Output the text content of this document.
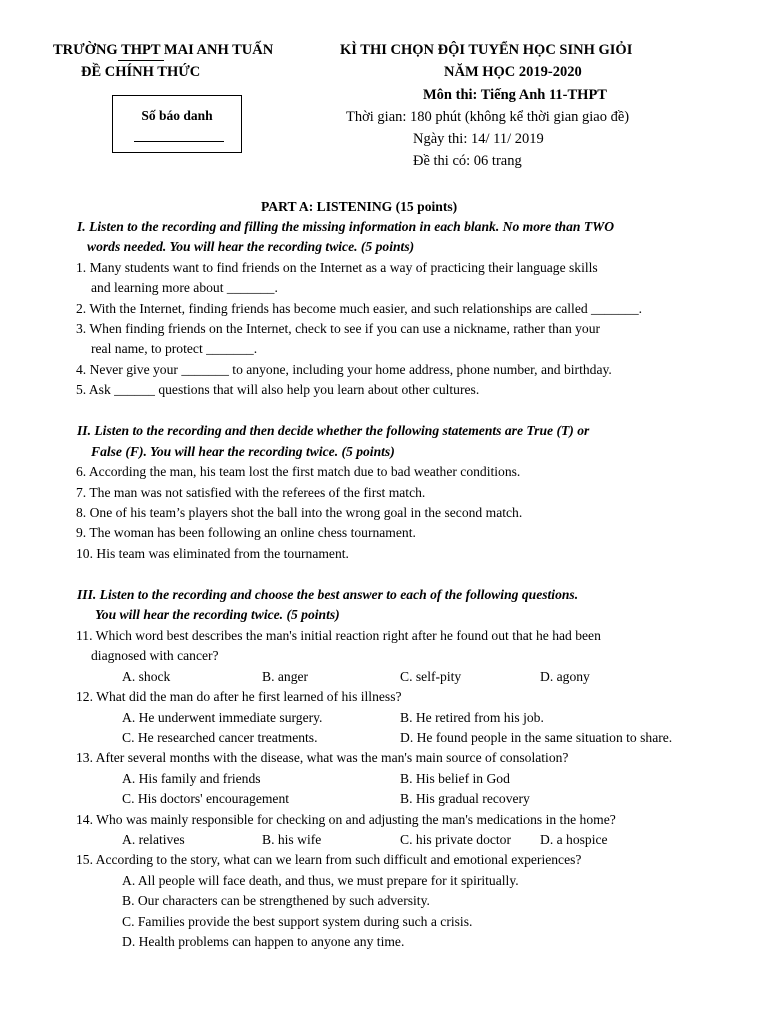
TRƯỜNG THPT MAI ANH TUẤN
ĐỀ CHÍNH THỨC
KÌ THI CHỌN ĐỘI TUYỂN HỌC SINH GIỎI
NĂM HỌC 2019-2020
Môn thi: Tiếng Anh 11-THPT
Thời gian: 180 phút (không kể thời gian giao đề)
Ngày thi: 14/ 11/ 2019
Đề thi có: 06 trang
Số báo danh
PART A: LISTENING (15 points)
I. Listen to the recording and filling the missing information in each blank. No more than TWO
words needed. You will hear the recording twice. (5 points)
1. Many students want to find friends on the Internet as a way of practicing their language skills
and learning more about _______.
2. With the Internet, finding friends has become much easier, and such relationships are called _______.
3. When finding friends on the Internet, check to see if you can use a nickname, rather than your
real name, to protect _______.
4. Never give your _______ to anyone, including your home address, phone number, and birthday.
5. Ask ______ questions that will also help you learn about other cultures.
II. Listen to the recording and then decide whether the following statements are True (T) or
False (F). You will hear the recording twice. (5 points)
6. According the man, his team lost the first match due to bad weather conditions.
7. The man was not satisfied with the referees of the first match.
8. One of his team’s players shot the ball into the wrong goal in the second match.
9. The woman has been following an online chess tournament.
10. His team was eliminated from the tournament.
III. Listen to the recording and choose the best answer to each of the following questions.
You will hear the recording twice. (5 points)
11. Which word best describes the man's initial reaction right after he found out that he had been
diagnosed with cancer?
A. shock	B. anger	C. self-pity	D. agony
12. What did the man do after he first learned of his illness?
A. He underwent immediate surgery.	B. He retired from his job.
C. He researched cancer treatments.	D. He found people in the same situation to share.
13. After several months with the disease, what was the man's main source of consolation?
A. His family and friends	B. His belief in God
C. His doctors' encouragement	B. His gradual recovery
14. Who was mainly responsible for checking on and adjusting the man's medications in the home?
A. relatives	B. his wife	C. his private doctor D. a hospice
15. According to the story, what can we learn from such difficult and emotional experiences?
A. All people will face death, and thus, we must prepare for it spiritually.
B. Our characters can be strengthened by such adversity.
C. Families provide the best support system during such a crisis.
D. Health problems can happen to anyone any time.
